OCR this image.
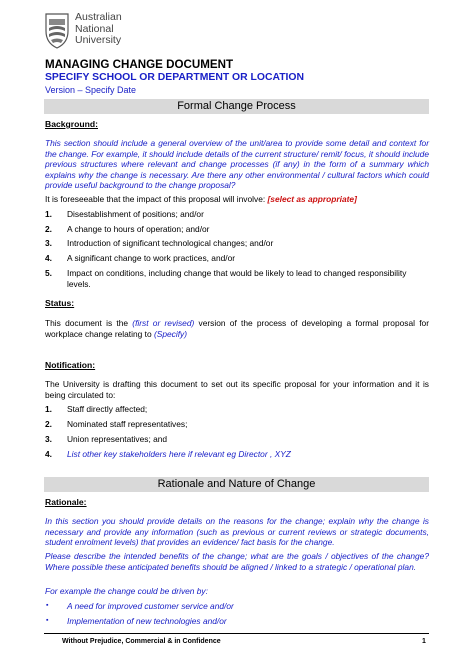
Australian
National
University
MANAGING CHANGE DOCUMENT
SPECIFY SCHOOL OR DEPARTMENT OR LOCATION
Version – Specify Date
Formal Change Process
Background:
This section should include a general overview of the unit/area to provide some detail and context for the change. For example, it should include details of the current structure/ remit/ focus, it should include previous structures where relevant and change processes (if any) in the form of a summary which explains why the change is necessary. Are there any other environmental / cultural factors which could provide useful background to the change proposal?
It is foreseeable that the impact of this proposal will involve: [select as appropriate]
1. Disestablishment of positions; and/or
2. A change to hours of operation; and/or
3. Introduction of significant technological changes; and/or
4. A significant change to work practices, and/or
5. Impact on conditions, including change that would be likely to lead to changed responsibility levels.
Status:
This document is the (first or revised) version of the process of developing a formal proposal for workplace change relating to (Specify)
Notification:
The University is drafting this document to set out its specific proposal for your information and it is being circulated to:
1. Staff directly affected;
2. Nominated staff representatives;
3. Union representatives; and
4. List other key stakeholders here if relevant eg Director , XYZ
Rationale and Nature of Change
Rationale:
In this section you should provide details on the reasons for the change; explain why the change is necessary and provide any information (such as previous or current reviews or strategic documents, student enrolment levels) that provides an evidence/ fact basis for the change.
Please describe the intended benefits of the change; what are the goals / objectives of the change? Where possible these anticipated benefits should be aligned / linked to a strategic / operational plan.
For example the change could be driven by:
▪ A need for improved customer service and/or
▪ Implementation of new technologies and/or
Without Prejudice, Commercial & in Confidence	1
